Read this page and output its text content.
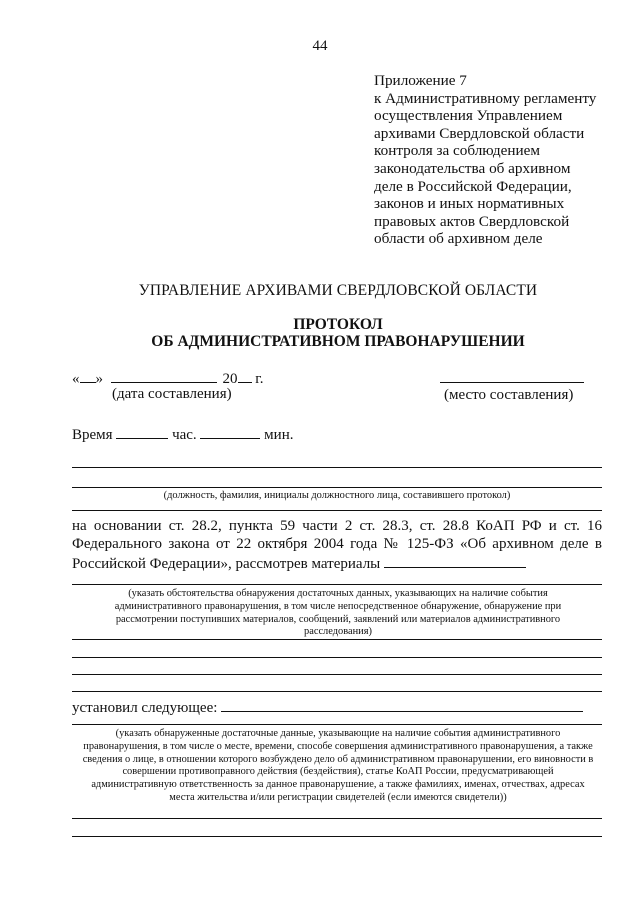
44
Приложение 7
к Административному регламенту
осуществления Управлением
архивами Свердловской области
контроля за соблюдением
законодательства об архивном
деле в Российской Федерации,
законов и иных нормативных
правовых актов Свердловской
области об архивном деле
УПРАВЛЕНИЕ АРХИВАМИ СВЕРДЛОВСКОЙ ОБЛАСТИ
ПРОТОКОЛ
ОБ АДМИНИСТРАТИВНОМ ПРАВОНАРУШЕНИИ
« »	20 г.
(дата составления)	(место составления)
Время	час.	мин.
(должность, фамилия, инициалы должностного лица, составившего протокол)
на основании ст. 28.2, пункта 59 части 2 ст. 28.3, ст. 28.8 КоАП РФ и ст. 16 Федерального закона от 22 октября 2004 года № 125-ФЗ «Об архивном деле в Российской Федерации», рассмотрев материалы
(указать обстоятельства обнаружения достаточных данных, указывающих на наличие события административного правонарушения, в том числе непосредственное обнаружение, обнаружение при рассмотрении поступивших материалов, сообщений, заявлений или материалов административного расследования)
установил следующее:
(указать обнаруженные достаточные данные, указывающие на наличие события административного правонарушения, в том числе о месте, времени, способе совершения административного правонарушения, а также сведения о лице, в отношении которого возбуждено дело об административном правонарушении, его виновности в совершении противоправного действия (бездействия), статье КоАП России, предусматривающей административную ответственность за данное правонарушение, а также фамилиях, именах, отчествах, адресах места жительства и/или регистрации свидетелей (если имеются свидетели))
